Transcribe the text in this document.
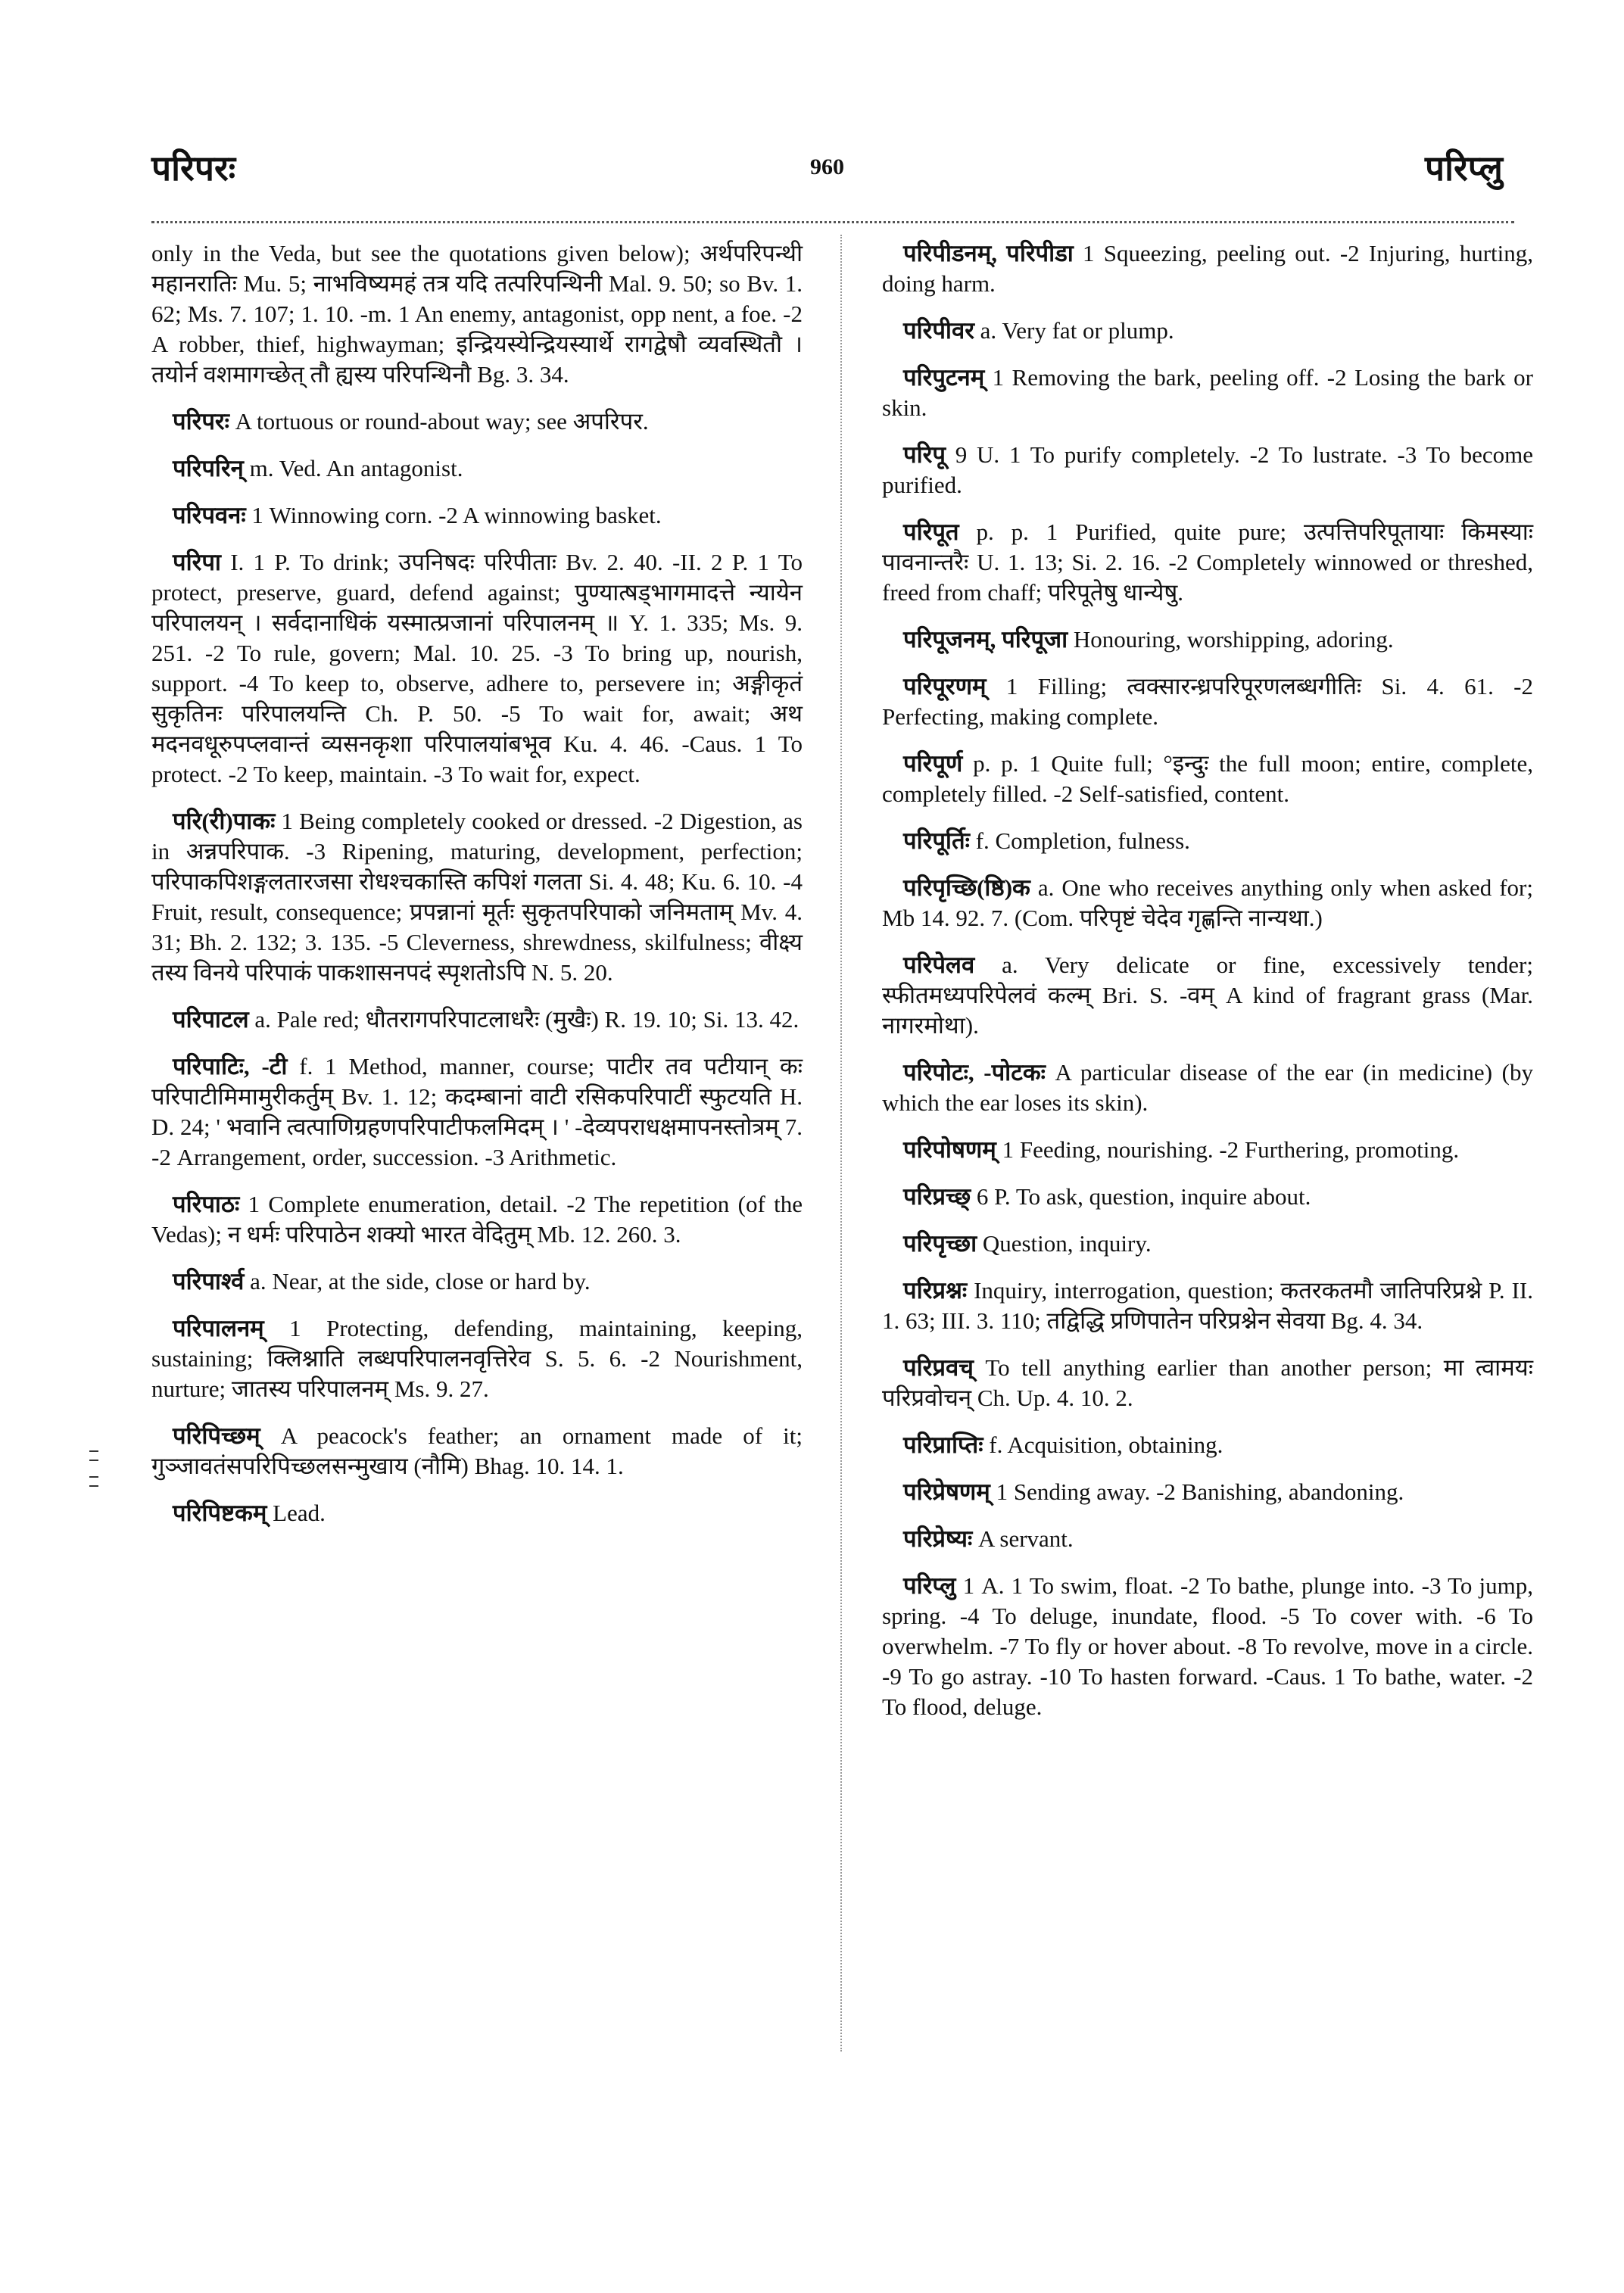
परिपरः	960	परिप्लु

only in the Veda, but see the quotations given below); अर्थपरिपन्थी महानरातिः Mu. 5; नाभविष्यमहं तत्र यदि तत्परिपन्थिनी Mal. 9. 50; so Bv. 1. 62; Ms. 7. 107; 1. 10. -m. 1 An enemy, antagonist, opp nent, a foe. -2 A robber, thief, highwayman; इन्द्रियस्येन्द्रियस्यार्थे रागद्वेषौ व्यवस्थितौ । तयोर्न वशमागच्छेत् तौ ह्यस्य परिपन्थिनौ Bg. 3. 34.

परिपरः A tortuous or round-about way; see अपरिपर.

परिपरिन् m. Ved. An antagonist.

परिपवनः 1 Winnowing corn. -2 A winnowing basket.

परिपा I. 1 P. To drink; उपनिषदः परिपीताः Bv. 2. 40. -II. 2 P. 1 To protect, preserve, guard, defend against; पुण्यात्षड्भागमादत्ते न्यायेन परिपालयन् । सर्वदानाधिकं यस्मात्प्रजानां परिपालनम् ॥ Y. 1. 335; Ms. 9. 251. -2 To rule, govern; Mal. 10. 25. -3 To bring up, nourish, support. -4 To keep to, observe, adhere to, persevere in; अङ्गीकृतं सुकृतिनः परिपालयन्ति Ch. P. 50. -5 To wait for, await; अथ मदनवधूरुपप्लवान्तं व्यसनकृशा परिपालयांबभूव Ku. 4. 46. -Caus. 1 To protect. -2 To keep, maintain. -3 To wait for, expect.

परि(री)पाकः 1 Being completely cooked or dressed. -2 Digestion, as in अन्नपरिपाक. -3 Ripening, maturing, development, perfection; परिपाकपिशङ्गलतारजसा रोधश्चकास्ति कपिशं गलता Si. 4. 48; Ku. 6. 10. -4 Fruit, result, consequence; प्रपन्नानां मूर्तः सुकृतपरिपाको जनिमताम् Mv. 4. 31; Bh. 2. 132; 3. 135. -5 Cleverness, shrewdness, skilfulness; वीक्ष्य तस्य विनये परिपाकं पाकशासनपदं स्पृशतोऽपि N. 5. 20.

परिपाटल a. Pale red; धौतरागपरिपाटलाधरैः (मुखैः) R. 19. 10; Si. 13. 42.

परिपाटिः, -टी f. 1 Method, manner, course; पाटीर तव पटीयान् कः परिपाटीमिमामुरीकर्तुम् Bv. 1. 12; कदम्बानां वाटी रसिकपरिपाटीं स्फुटयति H. D. 24; ' भवानि त्वत्पाणिग्रहणपरिपाटीफलमिदम् । ' -देव्यपराधक्षमापनस्तोत्रम् 7. -2 Arrangement, order, succession. -3 Arithmetic.

परिपाठः 1 Complete enumeration, detail. -2 The repetition (of the Vedas); न धर्मः परिपाठेन शक्यो भारत वेदितुम् Mb. 12. 260. 3.

परिपार्श्व a. Near, at the side, close or hard by.

परिपालनम् 1 Protecting, defending, maintaining, keeping, sustaining; क्लिश्नाति लब्धपरिपालनवृत्तिरेव S. 5. 6. -2 Nourishment, nurture; जातस्य परिपालनम् Ms. 9. 27.

परिपिच्छम् A peacock's feather; an ornament made of it; गुञ्जावतंसपरिपिच्छलसन्मुखाय (नौमि) Bhag. 10. 14. 1.

परिपिष्टकम् Lead.

परिपीडनम्, परिपीडा 1 Squeezing, peeling out. -2 Injuring, hurting, doing harm.

परिपीवर a. Very fat or plump.

परिपुटनम् 1 Removing the bark, peeling off. -2 Losing the bark or skin.

परिपू 9 U. 1 To purify completely. -2 To lustrate. -3 To become purified.

परिपूत p. p. 1 Purified, quite pure; उत्पत्तिपरिपूतायाः किमस्याः पावनान्तरैः U. 1. 13; Si. 2. 16. -2 Completely winnowed or threshed, freed from chaff; परिपूतेषु धान्येषु.

परिपूजनम्, परिपूजा Honouring, worshipping, adoring.

परिपूरणम् 1 Filling; त्वक्सारन्ध्रपरिपूरणलब्धगीतिः Si. 4. 61. -2 Perfecting, making complete.

परिपूर्ण p. p. 1 Quite full; °इन्दुः the full moon; entire, complete, completely filled. -2 Self-satisfied, content.

परिपूर्तिः f. Completion, fulness.

परिपृच्छि(ष्ठि)क a. One who receives anything only when asked for; Mb 14. 92. 7. (Com. परिपृष्टं चेदेव गृह्णन्ति नान्यथा.)

परिपेलव a. Very delicate or fine, excessively tender; स्फीतमध्यपरिपेलवं कल्म् Bri. S. -वम् A kind of fragrant grass (Mar. नागरमोथा).

परिपोटः, -पोटकः A particular disease of the ear (in medicine) (by which the ear loses its skin).

परिपोषणम् 1 Feeding, nourishing. -2 Furthering, promoting.

परिप्रच्छ् 6 P. To ask, question, inquire about.

परिपृच्छा Question, inquiry.

परिप्रश्नः Inquiry, interrogation, question; कतरकतमौ जातिपरिप्रश्ने P. II. 1. 63; III. 3. 110; तद्विद्धि प्रणिपातेन परिप्रश्नेन सेवया Bg. 4. 34.

परिप्रवच् To tell anything earlier than another person; मा त्वामयः परिप्रवोचन् Ch. Up. 4. 10. 2.

परिप्राप्तिः f. Acquisition, obtaining.

परिप्रेषणम् 1 Sending away. -2 Banishing, abandoning.

परिप्रेष्यः A servant.

परिप्लु 1 A. 1 To swim, float. -2 To bathe, plunge into. -3 To jump, spring. -4 To deluge, inundate, flood. -5 To cover with. -6 To overwhelm. -7 To fly or hover about. -8 To revolve, move in a circle. -9 To go astray. -10 To hasten forward. -Caus. 1 To bathe, water. -2 To flood, deluge.
